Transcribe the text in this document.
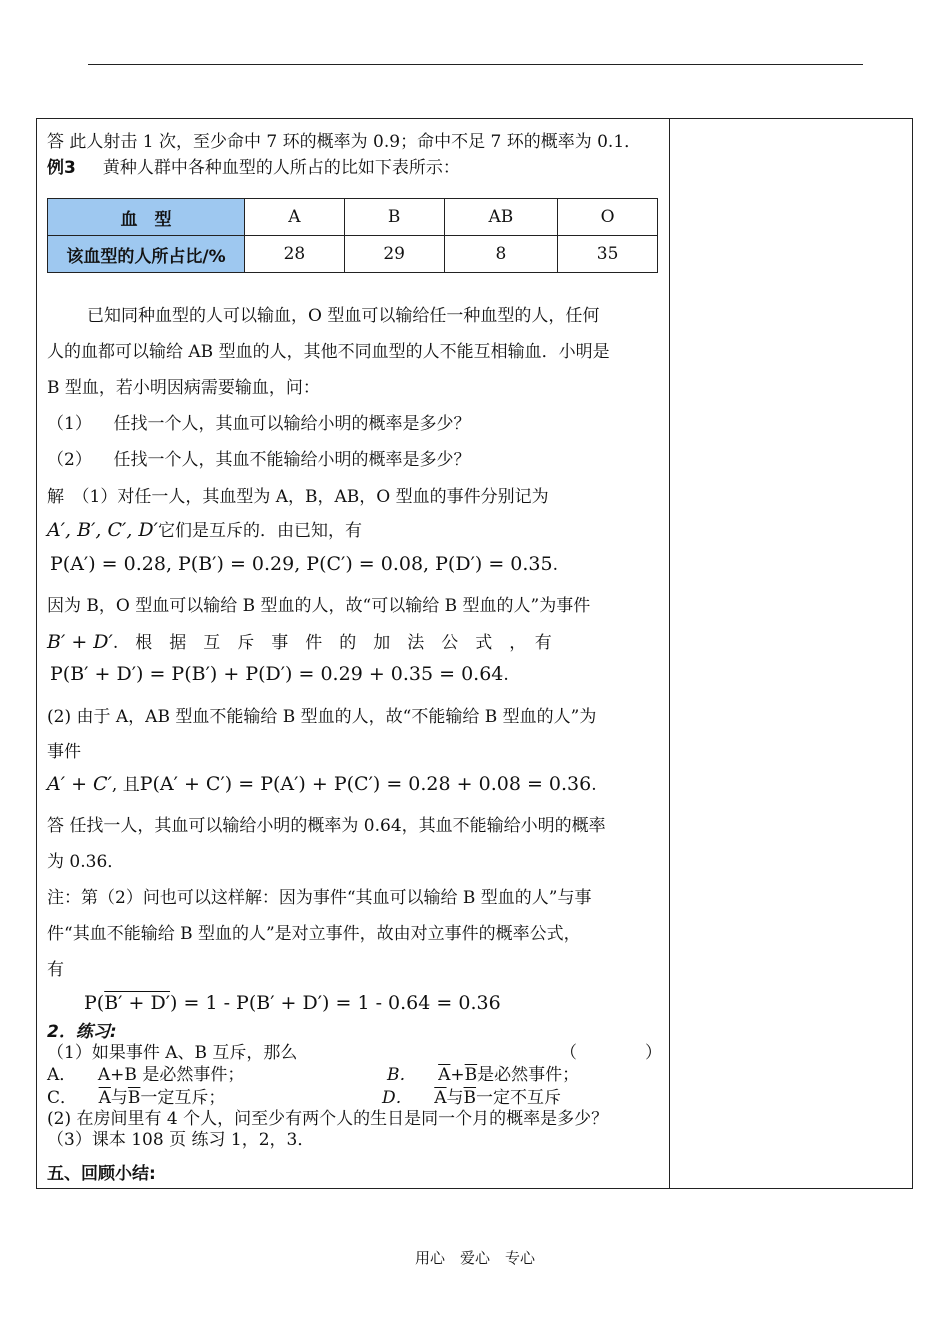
答 此人射击 1 次，至少命中 7 环的概率为 0.9；命中不足 7 环的概率为 0.1．
例3 黄种人群中各种血型的人所占的比如下表所示：
血　型	A	B	AB	O
该血型的人所占比/%	28	29	8	35
已知同种血型的人可以输血，O 型血可以输给任一种血型的人，任何
人的血都可以输给 AB 型血的人，其他不同血型的人不能互相输血．小明是
B 型血，若小明因病需要输血，问：
（1） 任找一个人，其血可以输给小明的概率是多少？
（2） 任找一个人，其血不能输给小明的概率是多少？
解　（1）对任一人，其血型为 A，B，AB，O 型血的事件分别记为
A′, B′, C′, D′它们是互斥的．由已知，有
P(A′) = 0.28, P(B′) = 0.29, P(C′) = 0.08, P(D′) = 0.35.
因为 B，O 型血可以输给 B 型血的人，故“可以输给 B 型血的人”为事件
B′ + D′.　根　据　互　斥　事　件　的　加　法　公　式　，　有
P(B′ + D′) = P(B′) + P(D′) = 0.29 + 0.35 = 0.64.
(2) 由于 A，AB 型血不能输给 B 型血的人，故“不能输给 B 型血的人”为
事件
A′ + C′, 且P(A′ + C′) = P(A′) + P(C′) = 0.28 + 0.08 = 0.36.
答 任找一人，其血可以输给小明的概率为 0.64，其血不能输给小明的概率
为 0.36．
注：第（2）问也可以这样解：因为事件“其血可以输给 B 型血的人”与事
件“其血不能输给 B 型血的人”是对立事件，故由对立事件的概率公式，
有
P(B′ + D′) = 1 - P(B′ + D′) = 1 - 0.64 = 0.36
2．练习:
（1）如果事件 A、B 互斥，那么	（　　　　）
A． A+B 是必然事件；	B． $\overline{A}+\overline{B}$是必然事件；
C． $\overline{A}$与$\overline{B}$一定互斥；	D． $\overline{A}$与$\overline{B}$一定不互斥
(2) 在房间里有 4 个人，问至少有两个人的生日是同一个月的概率是多少？
（3）课本 108 页 练习 1，2，3．
五、回顾小结:
用心　爱心　专心
